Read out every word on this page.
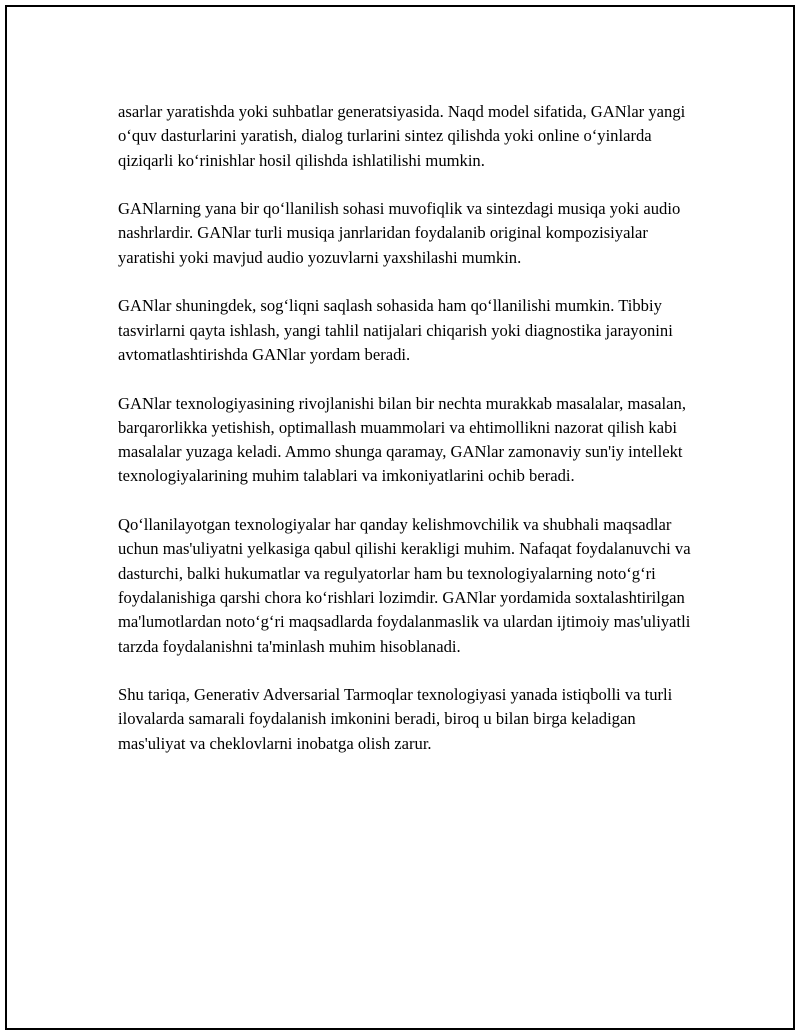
asarlar yaratishda yoki suhbatlar generatsiyasida. Naqd model sifatida, GANlar yangi o‘quv dasturlarini yaratish, dialog turlarini sintez qilishda yoki online o‘yinlarda qiziqarli ko‘rinishlar hosil qilishda ishlatilishi mumkin.

GANlarning yana bir qo‘llanilish sohasi muvofiqlik va sintezdagi musiqa yoki audio nashrlardir. GANlar turli musiqa janrlaridan foydalanib original kompozisiyalar yaratishi yoki mavjud audio yozuvlarni yaxshilashi mumkin.

GANlar shuningdek, sog‘liqni saqlash sohasida ham qo‘llanilishi mumkin. Tibbiy tasvirlarni qayta ishlash, yangi tahlil natijalari chiqarish yoki diagnostika jarayonini avtomatlashtirishda GANlar yordam beradi.

GANlar texnologiyasining rivojlanishi bilan bir nechta murakkab masalalar, masalan, barqarorlikka yetishish, optimallash muammolari va ehtimollikni nazorat qilish kabi masalalar yuzaga keladi. Ammo shunga qaramay, GANlar zamonaviy sun'iy intellekt texnologiyalarining muhim talablari va imkoniyatlarini ochib beradi.

Qo‘llanilayotgan texnologiyalar har qanday kelishmovchilik va shubhali maqsadlar uchun mas'uliyatni yelkasiga qabul qilishi kerakligi muhim. Nafaqat foydalanuvchi va dasturchi, balki hukumatlar va regulyatorlar ham bu texnologiyalarning noto‘g‘ri foydalanishiga qarshi chora ko‘rishlari lozimdir. GANlar yordamida soxtalashtirilgan ma'lumotlardan noto‘g‘ri maqsadlarda foydalanmaslik va ulardan ijtimoiy mas'uliyatli tarzda foydalanishni ta'minlash muhim hisoblanadi.

Shu tariqa, Generativ Adversarial Tarmoqlar texnologiyasi yanada istiqbolli va turli ilovalarda samarali foydalanish imkonini beradi, biroq u bilan birga keladigan mas'uliyat va cheklovlarni inobatga olish zarur.
